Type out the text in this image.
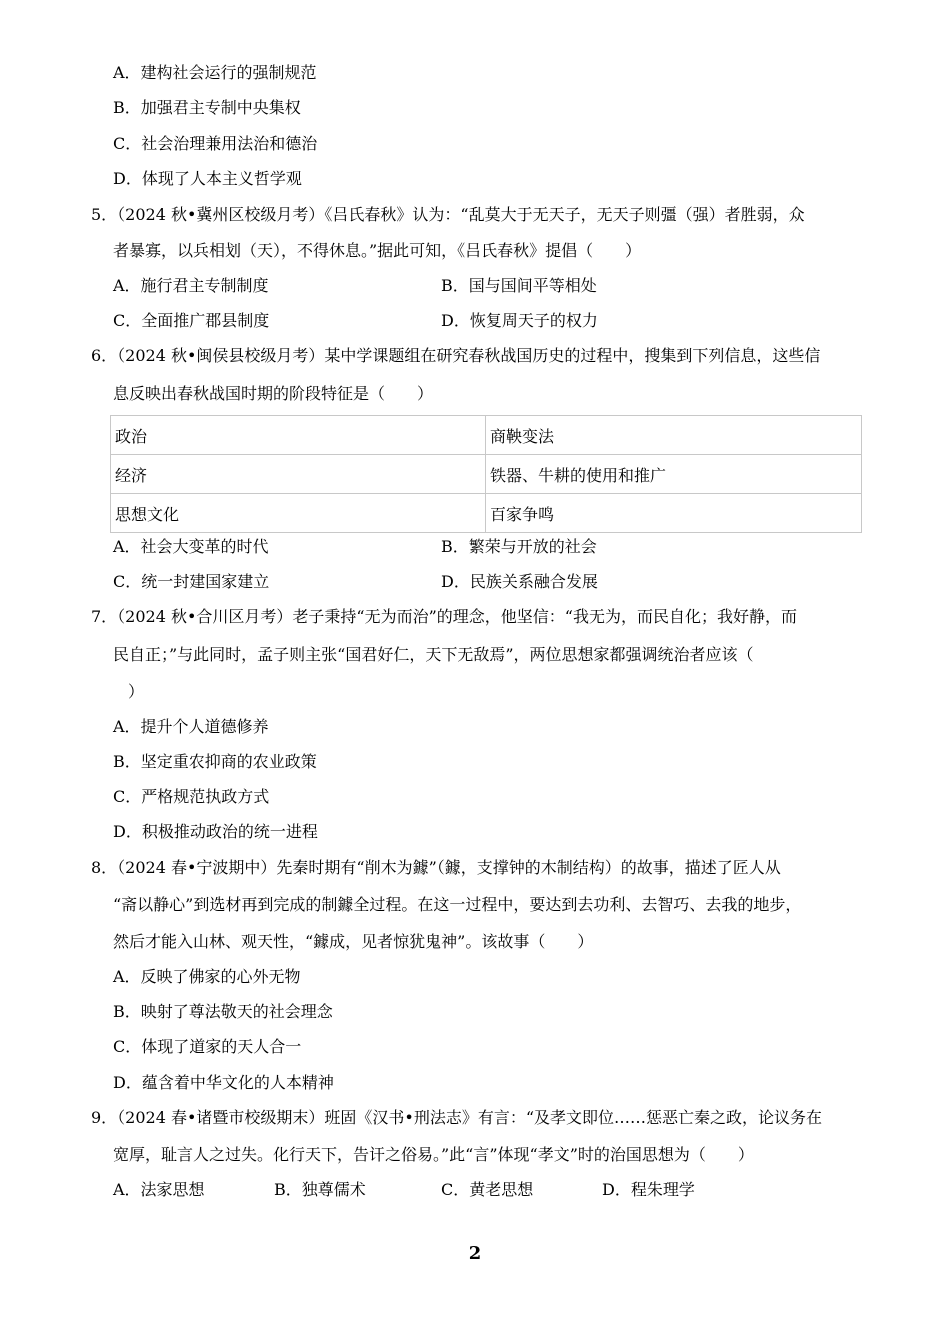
A．建构社会运行的强制规范
B．加强君主专制中央集权
C．社会治理兼用法治和德治
D．体现了人本主义哲学观
5．（2024 秋•冀州区校级月考）《吕氏春秋》认为：“乱莫大于无天子，无天子则彊（强）者胜弱，众
者暴寡，以兵相划（天），不得休息。”据此可知，《吕氏春秋》提倡（　　）
A．施行君主专制制度	B．国与国间平等相处
C．全面推广郡县制度	D．恢复周天子的权力
6．（2024 秋•闽侯县校级月考）某中学课题组在研究春秋战国历史的过程中，搜集到下列信息，这些信
息反映出春秋战国时期的阶段特征是（　　）
政治	商鞅变法
经济	铁器、牛耕的使用和推广
思想文化	百家争鸣
A．社会大变革的时代	B．繁荣与开放的社会
C．统一封建国家建立	D．民族关系融合发展
7．（2024 秋•合川区月考）老子秉持“无为而治”的理念，他坚信：“我无为，而民自化；我好静，而
民自正；”与此同时，孟子则主张“国君好仁，天下无敌焉”，两位思想家都强调统治者应该（
）
A．提升个人道德修养
B．坚定重农抑商的农业政策
C．严格规范执政方式
D．积极推动政治的统一进程
8．（2024 春•宁波期中）先秦时期有“削木为鐻”（鐻，支撑钟的木制结构）的故事，描述了匠人从
“斋以静心”到选材再到完成的制鐻全过程。在这一过程中，要达到去功利、去智巧、去我的地步，
然后才能入山林、观天性，“鐻成，见者惊犹鬼神”。该故事（　　）
A．反映了佛家的心外无物
B．映射了尊法敬天的社会理念
C．体现了道家的天人合一
D．蕴含着中华文化的人本精神
9．（2024 春•诸暨市校级期末）班固《汉书•刑法志》有言：“及孝文即位……惩恶亡秦之政，论议务在
宽厚，耻言人之过失。化行天下，告讦之俗易。”此“言”体现“孝文”时的治国思想为（　　）
A．法家思想	B．独尊儒术	C．黄老思想	D．程朱理学
2
